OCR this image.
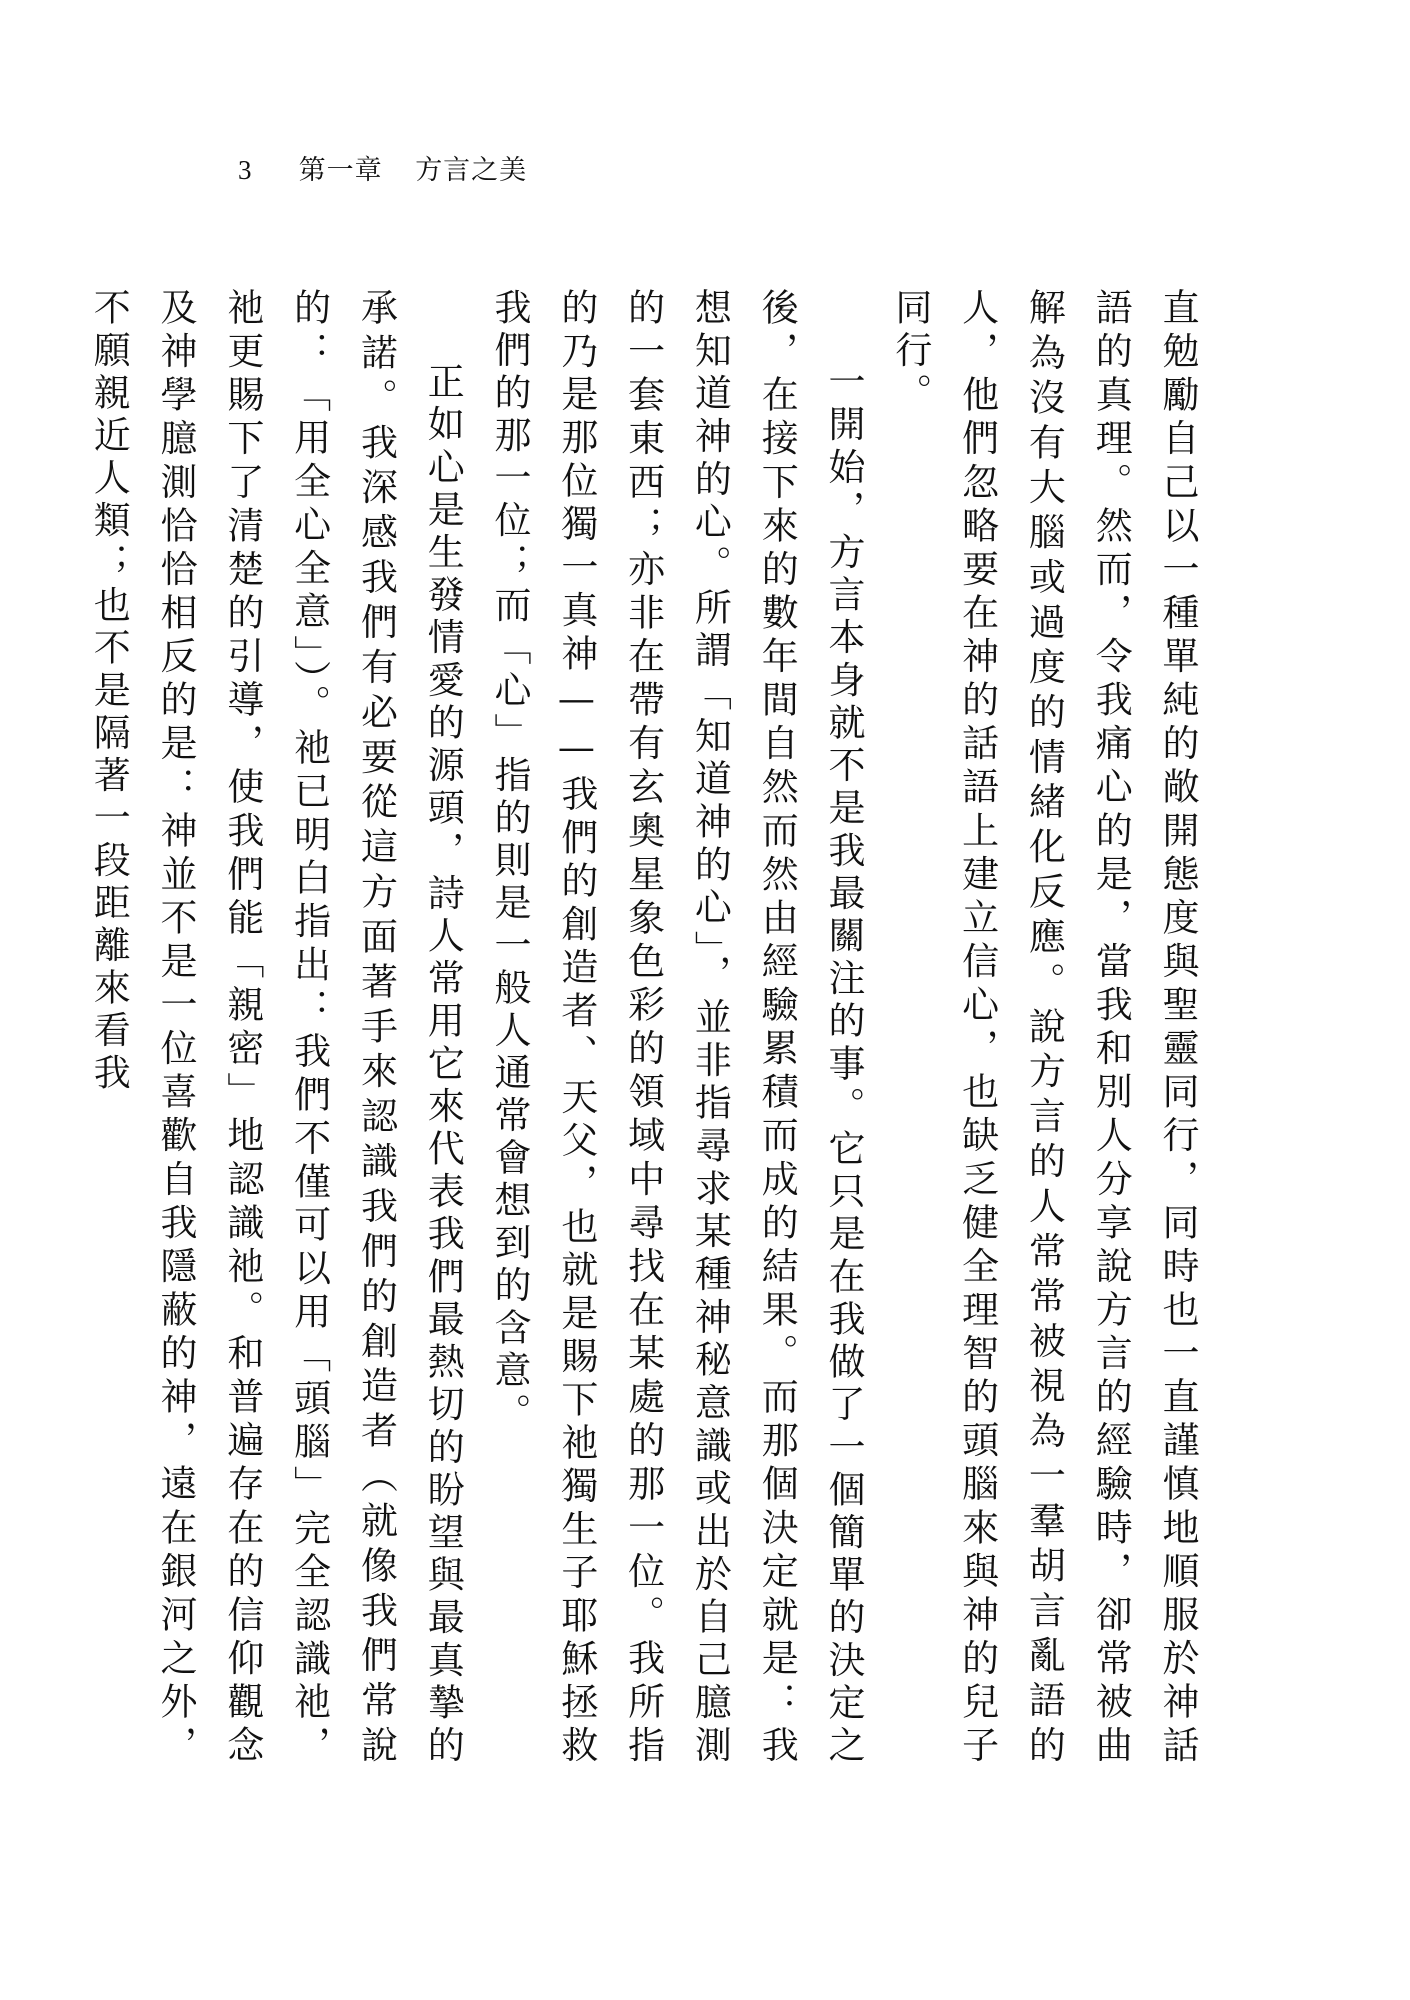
3 第一章 方言之美

直勉勵自己以一種單純的敞開態度與聖靈同行，同時也一直謹慎地順服於神話語的真理。然而，令我痛心的是，當我和別人分享說方言的經驗時，卻常被曲解為沒有大腦或過度的情緒化反應。說方言的人常常被視為一羣胡言亂語的人，他們忽略要在神的話語上建立信心，也缺乏健全理智的頭腦來與神的兒子同行。

一開始，方言本身就不是我最關注的事。它只是在我做了一個簡單的決定之後，在接下來的數年間自然而然由經驗累積而成的結果。而那個決定就是：我想知道神的心。所謂「知道神的心」，並非指尋求某種神秘意識或出於自己臆測的一套東西；亦非在帶有玄奧星象色彩的領域中尋找在某處的那一位。我所指的乃是那位獨一真神——我們的創造者、天父，也就是賜下祂獨生子耶穌拯救我們的那一位；而「心」指的則是一般人通常會想到的含意。

正如心是生發情愛的源頭，詩人常用它來代表我們最熱切的盼望與最真摯的承諾。我深感我們有必要從這方面著手來認識我們的創造者（就像我們常說的：「用全心全意」）。祂已明白指出：我們不僅可以用「頭腦」完全認識祂，祂更賜下了清楚的引導，使我們能「親密」地認識祂。和普遍存在的信仰觀念及神學臆測恰恰相反的是：神並不是一位喜歡自我隱蔽的神，遠在銀河之外，不願親近人類；也不是隔著一段距離來看我
